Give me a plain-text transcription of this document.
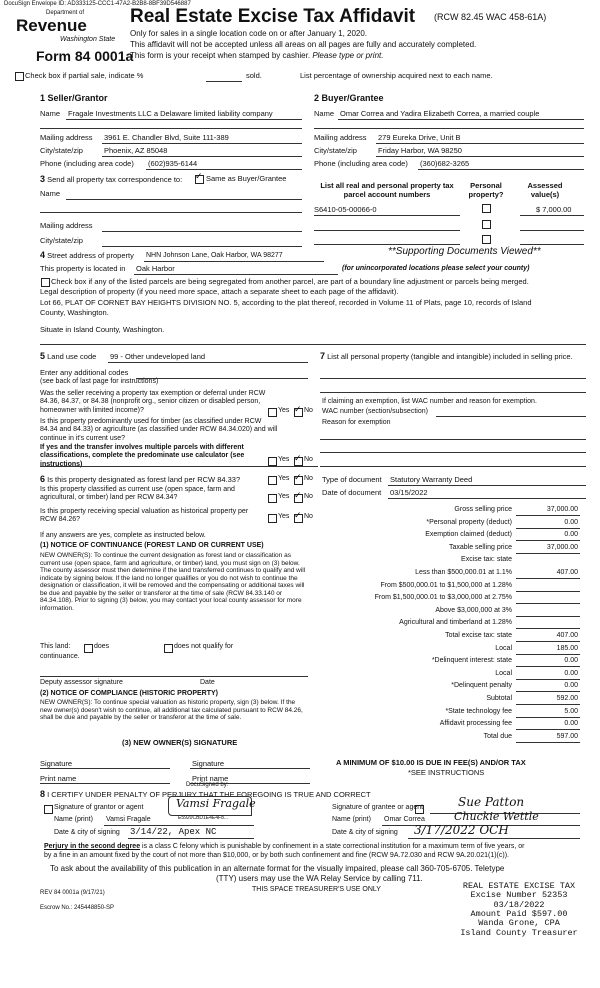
DocuSign Envelope ID: AD333125-CCC1-47A2-B2B8-8BF39D546887
Department of
Revenue
Washington State
Form 84 0001a
Real Estate Excise Tax Affidavit (RCW 82.45 WAC 458-61A)
Only for sales in a single location code on or after January 1, 2020.
This affidavit will not be accepted unless all areas on all pages are fully and accurately completed.
This form is your receipt when stamped by cashier. Please type or print.
Check box if partial sale, indicate %	sold.	List percentage of ownership acquired next to each name.
1 Seller/Grantor
Name Fragale Investments LLC a Delaware limited liability company
Mailing address 3961 E. Chandler Blvd, Suite 111-389
City/state/zip	Phoenix, AZ 85048
Phone (including area code) (602)935-6144
2 Buyer/Grantee
Name Omar Correa and Yadira Elizabeth Correa, a married couple
Mailing address 279 Eureka Drive, Unit B
City/state/zip	Friday Harbor, WA 98250
Phone (including area code) (360)682-3265
3 Send all property tax correspondence to: ✓	Same as Buyer/Grantee
Name
Mailing address
City/state/zip
List all real and personal property tax parcel account numbers
Personal property?
Assessed value(s)
S6410-05-00066-0	$ 7,000.00
4 Street address of property NHN Johnson Lane, Oak Harbor, WA 98277	**Supporting Documents Viewed**
This property is located in Oak Harbor	(for unincorporated locations please select your county)
Check box if any of the listed parcels are being segregated from another parcel, are part of a boundary line adjustment or parcels being merged.
Legal description of property (if you need more space, attach a separate sheet to each page of the affidavit).
Lot 66, PLAT OF CORNET BAY HEIGHTS DIVISION NO. 5, according to the plat thereof, recorded in Volume 11 of Plats, page 10, records of Island
County, Washington.
Situate in Island County, Washington.
5 Land use code 99 - Other undeveloped land
Enter any additional codes
(see back of last page for instructions)
Was the seller receiving a property tax exemption or deferral under RCW 84.36, 84.37, or 84.38 (nonprofit org., senior citizen or disabled person, homeowner with limited income)?	Yes ✓ No
Is this property predominantly used for timber (as classified under RCW 84.34 and 84.33) or agriculture (as classified under RCW 84.34.020) and will continue in it's current use?
If yes and the transfer involves multiple parcels with different classifications, complete the predominate use calculator (see instructions)
Yes ✓ No
7 List all personal property (tangible and intangible) included in selling price.
If claiming an exemption, list WAC number and reason for exemption.
WAC number (section/subsection)
Reason for exemption
6 Is this property designated as forest land per RCW 84.33?	Yes ✓ No
Is this property classified as current use (open space, farm and agricultural, or timber) land per RCW 84.34?	Yes ✓ No
Is this property receiving special valuation as historical property per RCW 84.26?	Yes ✓ No
If any answers are yes, complete as instructed below.
(1) NOTICE OF CONTINUANCE (FOREST LAND OR CURRENT USE)
NEW OWNER(S): To continue the current designation as forest land or classification as current use (open space, farm and agriculture, or timber) land, you must sign on (3) below. The county assessor must then determine if the land transferred continues to qualify and will indicate by signing below. If the land no longer qualifies or you do not wish to continue the designation or classification, it will be removed and the compensating or additional taxes will be due and payable by the seller or transferor at the time of sale (RCW 84.33.140 or 84.34.108). Prior to signing (3) below, you may contact your local county assessor for more information.
This land:	does	does not qualify for
continuance.
Deputy assessor signature	Date
(2) NOTICE OF COMPLIANCE (HISTORIC PROPERTY)
NEW OWNER(S): To continue special valuation as historic property, sign (3) below. If the new owner(s) doesn't wish to continue, all additional tax calculated pursuant to RCW 84.26, shall be due and payable by the seller or transferor at the time of sale.
(3) NEW OWNER(S) SIGNATURE
Signature	Signature
Print name	Print name
Type of document Statutory Warranty Deed
Date of document 03/15/2022
Gross selling price	37,000.00
*Personal property (deduct)	0.00
Exemption claimed (deduct)	0.00
Taxable selling price	37,000.00
Excise tax: state
Less than $500,000.01 at 1.1%	407.00
From $500,000.01 to $1,500,000 at 1.28%
From $1,500,000.01 to $3,000,000 at 2.75%
Above $3,000,000 at 3%
Agricultural and timberland at 1.28%
Total excise tax: state	407.00
Local	185.00
*Delinquent interest: state	0.00
Local	0.00
*Delinquent penalty	0.00
Subtotal	592.00
*State technology fee	5.00
Affidavit processing fee	0.00
Total due	597.00
A MINIMUM OF $10.00 IS DUE IN FEE(S) AND/OR TAX
*SEE INSTRUCTIONS
8 I CERTIFY UNDER PENALTY OF PERJURY THAT THE FOREGOING IS TRUE AND CORRECT
DocuSigned by:
Signature of grantor or agent	Vamsi Fragale
E5920CBD1E4E4F8...
Signature of grantee or agent	Sue Patton
Name (print) Vamsi Fragale	Name (print) Omar Correa	Chuckie Wettle
Date & city of signing 3/14/22, Apex NC	Date & city of signing 3/17/2022 OCH
Perjury in the second degree is a class C felony which is punishable by confinement in a state correctional institution for a maximum term of five years, or
by a fine in an amount fixed by the court of not more than $10,000, or by both such confinement and fine (RCW 9A.72.030 and RCW 9A.20.021(1)(c)).
To ask about the availability of this publication in an alternate format for the visually impaired, please call 360-705-6705. Teletype
(TTY) users may use the WA Relay Service by calling 711.
REV 84 0001a (9/17/21)	THIS SPACE TREASURER'S USE ONLY
Escrow No.: 245448850-SP
REAL ESTATE EXCISE TAX
Excise Number 52353
03/18/2022
Amount Paid $597.00
Wanda Grone, CPA
Island County Treasurer
